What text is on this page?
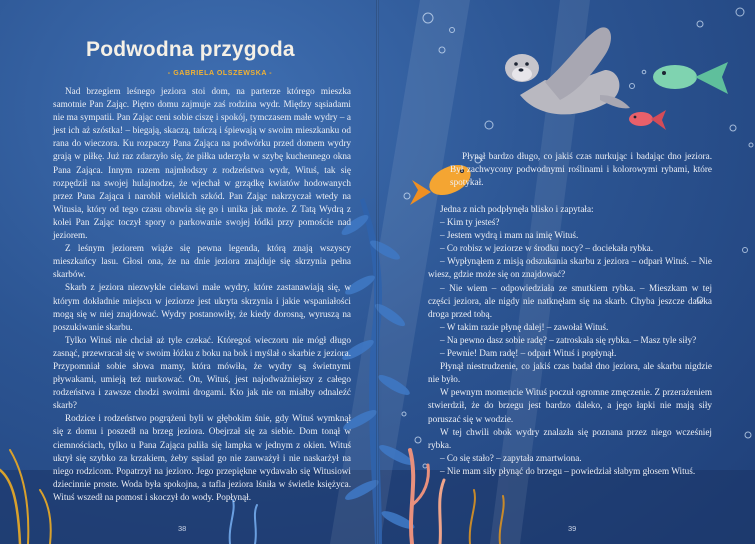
Podwodna przygoda
- GABRIELA OLSZEWSKA -

Nad brzegiem leśnego jeziora stoi dom, na parterze którego mieszka samotnie Pan Zając. Piętro domu zajmuje zaś rodzina wydr. Między sąsiadami nie ma sympatii. Pan Zając ceni sobie ciszę i spokój, tymczasem małe wydry – a jest ich aż szóstka! – biegają, skaczą, tańczą i śpiewają w swoim mieszkanku od rana do wieczora. Ku rozpaczy Pana Zająca na podwórku przed domem wydry grają w piłkę. Już raz zdarzyło się, że piłka uderzyła w szybę kuchennego okna Pana Zająca. Innym razem najmłodszy z rodzeństwa wydr, Wituś, tak się rozpędził na swojej hulajnodze, że wjechał w grządkę kwiatów hodowanych przez Pana Zająca i narobił wielkich szkód. Pan Zając nakrzyczał wtedy na Witusia, który od tego czasu obawia się go i unika jak może. Z Tatą Wydrą z kolei Pan Zając toczył spory o parkowanie swojej łódki przy pomoście nad jeziorem.

Z leśnym jeziorem wiąże się pewna legenda, którą znają wszyscy mieszkańcy lasu. Głosi ona, że na dnie jeziora znajduje się skrzynia pełna skarbów.

Skarb z jeziora niezwykle ciekawi małe wydry, które zastanawiają się, w którym dokładnie miejscu w jeziorze jest ukryta skrzynia i jakie wspaniałości mogą się w niej znajdować. Wydry postanowiły, że kiedy dorosną, wyruszą na poszukiwanie skarbu.

Tylko Wituś nie chciał aż tyle czekać. Któregoś wieczoru nie mógł długo zasnąć, przewracał się w swoim łóżku z boku na bok i myślał o skarbie z jeziora. Przypomniał sobie słowa mamy, która mówiła, że wydry są świetnymi pływakami, umieją też nurkować. On, Wituś, jest najodważniejszy z całego rodzeństwa i zawsze chodzi swoimi drogami. Kto jak nie on miałby odnaleźć skarb?

Rodzice i rodzeństwo pogrążeni byli w głębokim śnie, gdy Wituś wymknął się z domu i poszedł na brzeg jeziora. Obejrzał się za siebie. Dom tonął w ciemnościach, tylko u Pana Zająca paliła się lampka w jednym z okien. Wituś ukrył się szybko za krzakiem, żeby sąsiad go nie zauważył i nie naskarżył na niego rodzicom. Popatrzył na jezioro. Jego przepiękne wydawało się Witusiowi dziecinnie proste. Woda była spokojna, a tafla jeziora lśniła w świetle księżyca. Wituś wszedł na pomost i skoczył do wody. Popłynął.

Płynął bardzo długo, co jakiś czas nurkując i badając dno jeziora. Był zachwycony podwodnymi roślinami i kolorowymi rybami, które spotykał.

Jedna z nich podpłynęła blisko i zapytała:

– Kim ty jesteś?

– Jestem wydrą i mam na imię Wituś.

– Co robisz w jeziorze w środku nocy? – dociekała rybka.

– Wypłynąłem z misją odszukania skarbu z jeziora – odparł Wituś. – Nie wiesz, gdzie może się on znajdować?

– Nie wiem – odpowiedziała ze smutkiem rybka. – Mieszkam w tej części jeziora, ale nigdy nie natknęłam się na skarb. Chyba jeszcze daleka droga przed tobą.

– W takim razie płynę dalej! – zawołał Wituś.

– Na pewno dasz sobie radę? – zatroskała się rybka. – Masz tyle siły?

– Pewnie! Dam radę! – odparł Wituś i popłynął.

Płynął niestrudzenie, co jakiś czas badał dno jeziora, ale skarbu nigdzie nie było.

W pewnym momencie Wituś poczuł ogromne zmęczenie. Z przerażeniem stwierdził, że do brzegu jest bardzo daleko, a jego łapki nie mają siły poruszać się w wodzie.

W tej chwili obok wydry znalazła się poznana przez niego wcześniej rybka.

– Co się stało? – zapytała zmartwiona.

– Nie mam siły płynąć do brzegu – powiedział słabym głosem Wituś.

38	39
